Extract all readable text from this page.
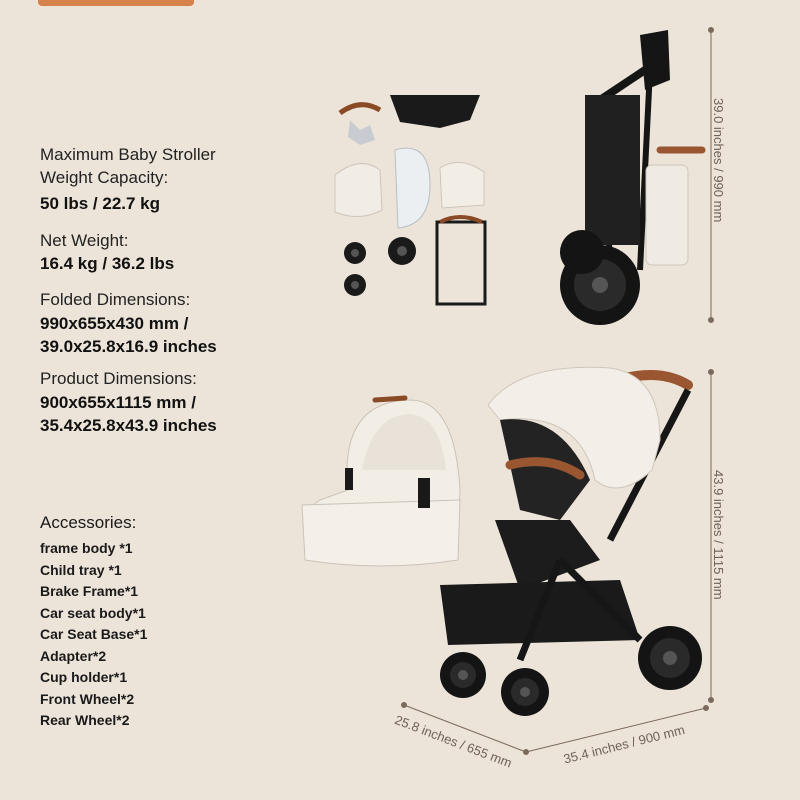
Maximum Baby Stroller
Weight Capacity:
50 lbs / 22.7 kg
Net Weight:
16.4 kg / 36.2 lbs
Folded Dimensions:
990x655x430 mm /
39.0x25.8x16.9 inches
Product Dimensions:
900x655x1115 mm /
35.4x25.8x43.9 inches
Accessories:
frame body *1
Child tray *1
Brake Frame*1
Car seat body*1
Car Seat Base*1
Adapter*2
Cup holder*1
Front Wheel*2
Rear Wheel*2
39.0 inches / 990 mm
43.9 inches / 1115 mm
25.8 inches / 655 mm	35.4 inches / 900 mm
